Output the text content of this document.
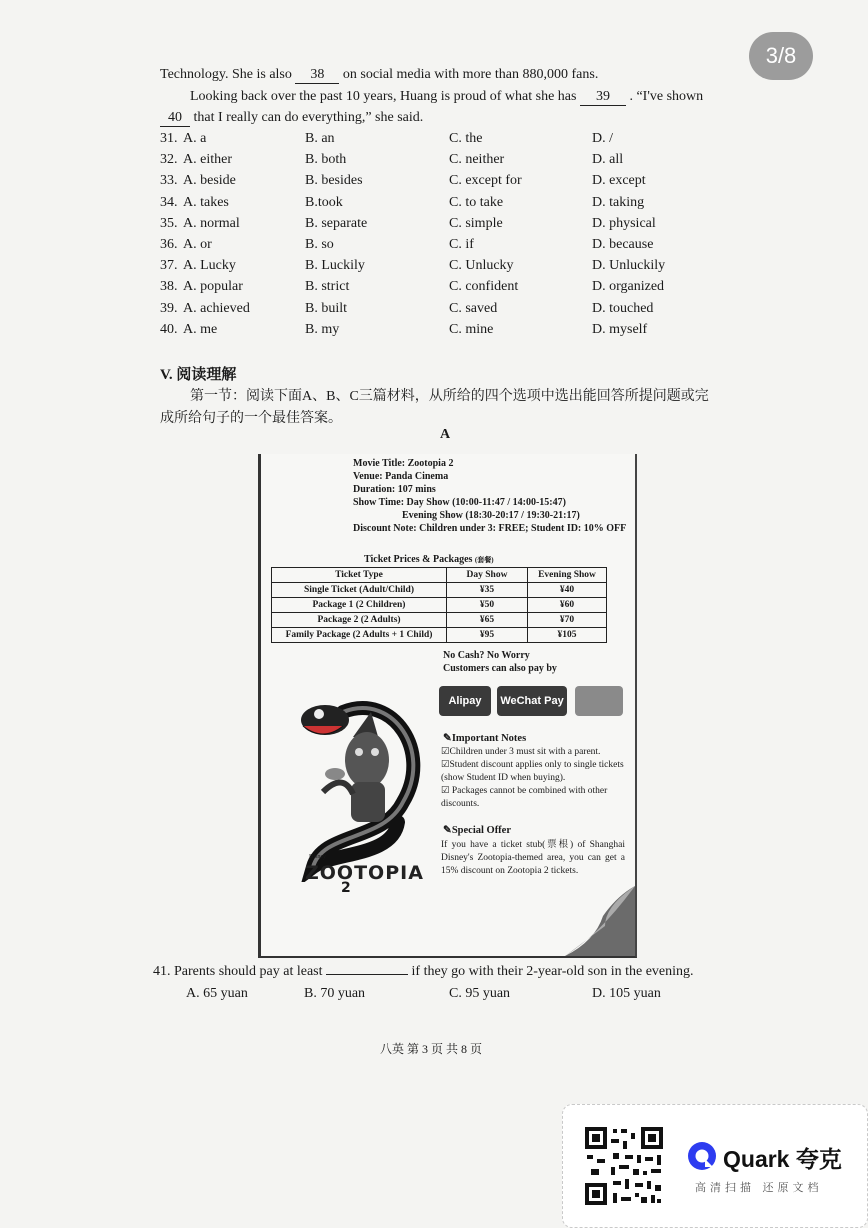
3/8
Technology. She is also 38 on social media with more than 880,000 fans.
Looking back over the past 10 years, Huang is proud of what she has 39 . “I've shown
40 that I really can do everything,” she said.
31. A. a	B. an	C. the	D. /
32. A. either	B. both	C. neither	D. all
33. A. beside	B. besides	C. except for	D. except
34. A. takes	B.took	C. to take	D. taking
35. A. normal	B. separate	C. simple	D. physical
36. A. or	B. so	C. if	D. because
37. A. Lucky	B. Luckily	C. Unlucky	D. Unluckily
38. A. popular	B. strict	C. confident	D. organized
39. A. achieved	B. built	C. saved	D. touched
40. A. me	B. my	C. mine	D. myself
V. 阅读理解
第一节：阅读下面A、B、C三篇材料，从所给的四个选项中选出能回答所提问题或完
成所给句子的一个最佳答案。
A
Movie Title: Zootopia 2
Venue: Panda Cinema
Duration: 107 mins
Show Time: Day Show (10:00-11:47 / 14:00-15:47)
Evening Show (18:30-20:17 / 19:30-21:17)
Discount Note: Children under 3: FREE; Student ID: 10% OFF
Ticket Prices & Packages (套餐)
Ticket Type	Day Show	Evening Show
Single Ticket (Adult/Child)	¥35	¥40
Package 1 (2 Children)	¥50	¥60
Package 2 (2 Adults)	¥65	¥70
Family Package (2 Adults + 1 Child)	¥95	¥105
No Cash? No Worry
Customers can also pay by
Alipay	WeChat Pay
✎Important Notes
☑Children under 3 must sit with a parent.
☑Student discount applies only to single tickets (show Student ID when buying).
☑ Packages cannot be combined with other discounts.
✎Special Offer
If you have a ticket stub(票根) of Shanghai Disney's Zootopia-themed area, you can get a 15% discount on Zootopia 2 tickets.
Disney
ZOOTOPIA
2
41. Parents should pay at least	if they go with their 2-year-old son in the evening.
A. 65 yuan	B. 70 yuan	C. 95 yuan	D. 105 yuan
八英 第 3 页 共 8 页
Quark 夸克
高清扫描 还原文档
